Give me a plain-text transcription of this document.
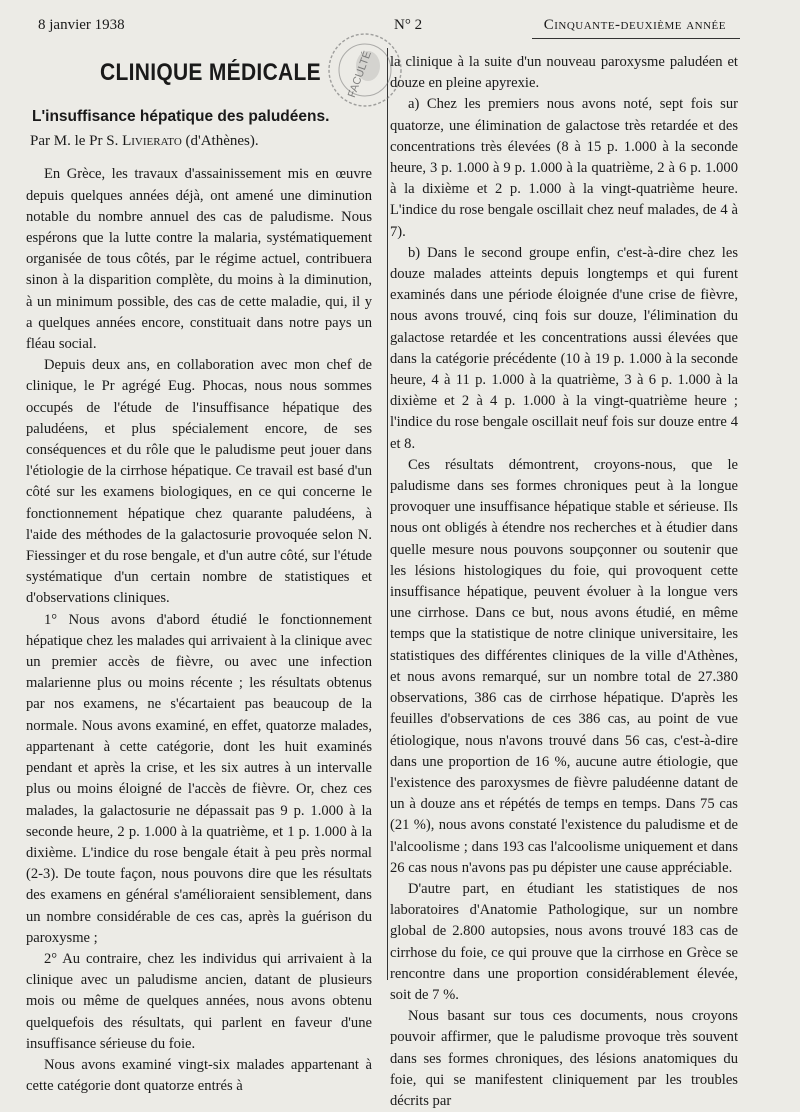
8 janvier 1938	N° 2	Cinquante-deuxième année
FACULTÉ
CLINIQUE MÉDICALE
L'insuffisance hépatique des paludéens.
Par M. le Pr S. Livierato (d'Athènes).

En Grèce, les travaux d'assainissement mis en œuvre depuis quelques années déjà, ont amené une diminution notable du nombre annuel des cas de paludisme. Nous espérons que la lutte contre la malaria, systématiquement organisée de tous côtés, par le régime actuel, contribuera sinon à la disparition complète, du moins à la diminution, à un minimum possible, des cas de cette maladie, qui, il y a quelques années encore, constituait dans notre pays un fléau social.

Depuis deux ans, en collaboration avec mon chef de clinique, le Pr agrégé Eug. Phocas, nous nous sommes occupés de l'étude de l'insuffisance hépatique des paludéens, et plus spécialement encore, de ses conséquences et du rôle que le paludisme peut jouer dans l'étiologie de la cirrhose hépatique. Ce travail est basé d'un côté sur les examens biologiques, en ce qui concerne le fonctionnement hépatique chez quarante paludéens, à l'aide des méthodes de la galactosurie provoquée selon N. Fiessinger et du rose bengale, et d'un autre côté, sur l'étude systématique d'un certain nombre de statistiques et d'observations cliniques.

1° Nous avons d'abord étudié le fonctionnement hépatique chez les malades qui arrivaient à la clinique avec un premier accès de fièvre, ou avec une infection malarienne plus ou moins récente ; les résultats obtenus par nos examens, ne s'écartaient pas beaucoup de la normale. Nous avons examiné, en effet, quatorze malades, appartenant à cette catégorie, dont les huit examinés pendant et après la crise, et les six autres à un intervalle plus ou moins éloigné de l'accès de fièvre. Or, chez ces malades, la galactosurie ne dépassait pas 9 p. 1.000 à la seconde heure, 2 p. 1.000 à la quatrième, et 1 p. 1.000 à la dixième. L'indice du rose bengale était à peu près normal (2-3). De toute façon, nous pouvons dire que les résultats des examens en général s'amélioraient sensiblement, dans un nombre considérable de ces cas, après la guérison du paroxysme ;

2° Au contraire, chez les individus qui arrivaient à la clinique avec un paludisme ancien, datant de plusieurs mois ou même de quelques années, nous avons obtenu quelquefois des résultats, qui parlent en faveur d'une insuffisance sérieuse du foie.

Nous avons examiné vingt-six malades appartenant à cette catégorie dont quatorze entrés à

la clinique à la suite d'un nouveau paroxysme paludéen et douze en pleine apyrexie.

a) Chez les premiers nous avons noté, sept fois sur quatorze, une élimination de galactose très retardée et des concentrations très élevées (8 à 15 p. 1.000 à la seconde heure, 3 p. 1.000 à 9 p. 1.000 à la quatrième, 2 à 6 p. 1.000 à la dixième et 2 p. 1.000 à la vingt-quatrième heure. L'indice du rose bengale oscillait chez neuf malades, de 4 à 7).

b) Dans le second groupe enfin, c'est-à-dire chez les douze malades atteints depuis longtemps et qui furent examinés dans une période éloignée d'une crise de fièvre, nous avons trouvé, cinq fois sur douze, l'élimination du galactose retardée et les concentrations aussi élevées que dans la catégorie précédente (10 à 19 p. 1.000 à la seconde heure, 4 à 11 p. 1.000 à la quatrième, 3 à 6 p. 1.000 à la dixième et 2 à 4 p. 1.000 à la vingt-quatrième heure ; l'indice du rose bengale oscillait neuf fois sur douze entre 4 et 8.

Ces résultats démontrent, croyons-nous, que le paludisme dans ses formes chroniques peut à la longue provoquer une insuffisance hépatique stable et sérieuse. Ils nous ont obligés à étendre nos recherches et à étudier dans quelle mesure nous pouvons soupçonner ou soutenir que les lésions histologiques du foie, qui provoquent cette insuffisance hépatique, peuvent évoluer à la longue vers une cirrhose. Dans ce but, nous avons étudié, en même temps que la statistique de notre clinique universitaire, les statistiques des différentes cliniques de la ville d'Athènes, et nous avons remarqué, sur un nombre total de 27.380 observations, 386 cas de cirrhose hépatique. D'après les feuilles d'observations de ces 386 cas, au point de vue étiologique, nous n'avons trouvé dans 56 cas, c'est-à-dire dans une proportion de 16 %, aucune autre étiologie, que l'existence des paroxysmes de fièvre paludéenne datant de un à douze ans et répétés de temps en temps. Dans 75 cas (21 %), nous avons constaté l'existence du paludisme et de l'alcoolisme ; dans 193 cas l'alcoolisme uniquement et dans 26 cas nous n'avons pas pu dépister une cause appréciable.

D'autre part, en étudiant les statistiques de nos laboratoires d'Anatomie Pathologique, sur un nombre global de 2.800 autopsies, nous avons trouvé 183 cas de cirrhose du foie, ce qui prouve que la cirrhose en Grèce se rencontre dans une proportion considérablement élevée, soit de 7 %.

Nous basant sur tous ces documents, nous croyons pouvoir affirmer, que le paludisme provoque très souvent dans ses formes chroniques, des lésions anatomiques du foie, qui se manifestent cliniquement par les troubles décrits par
